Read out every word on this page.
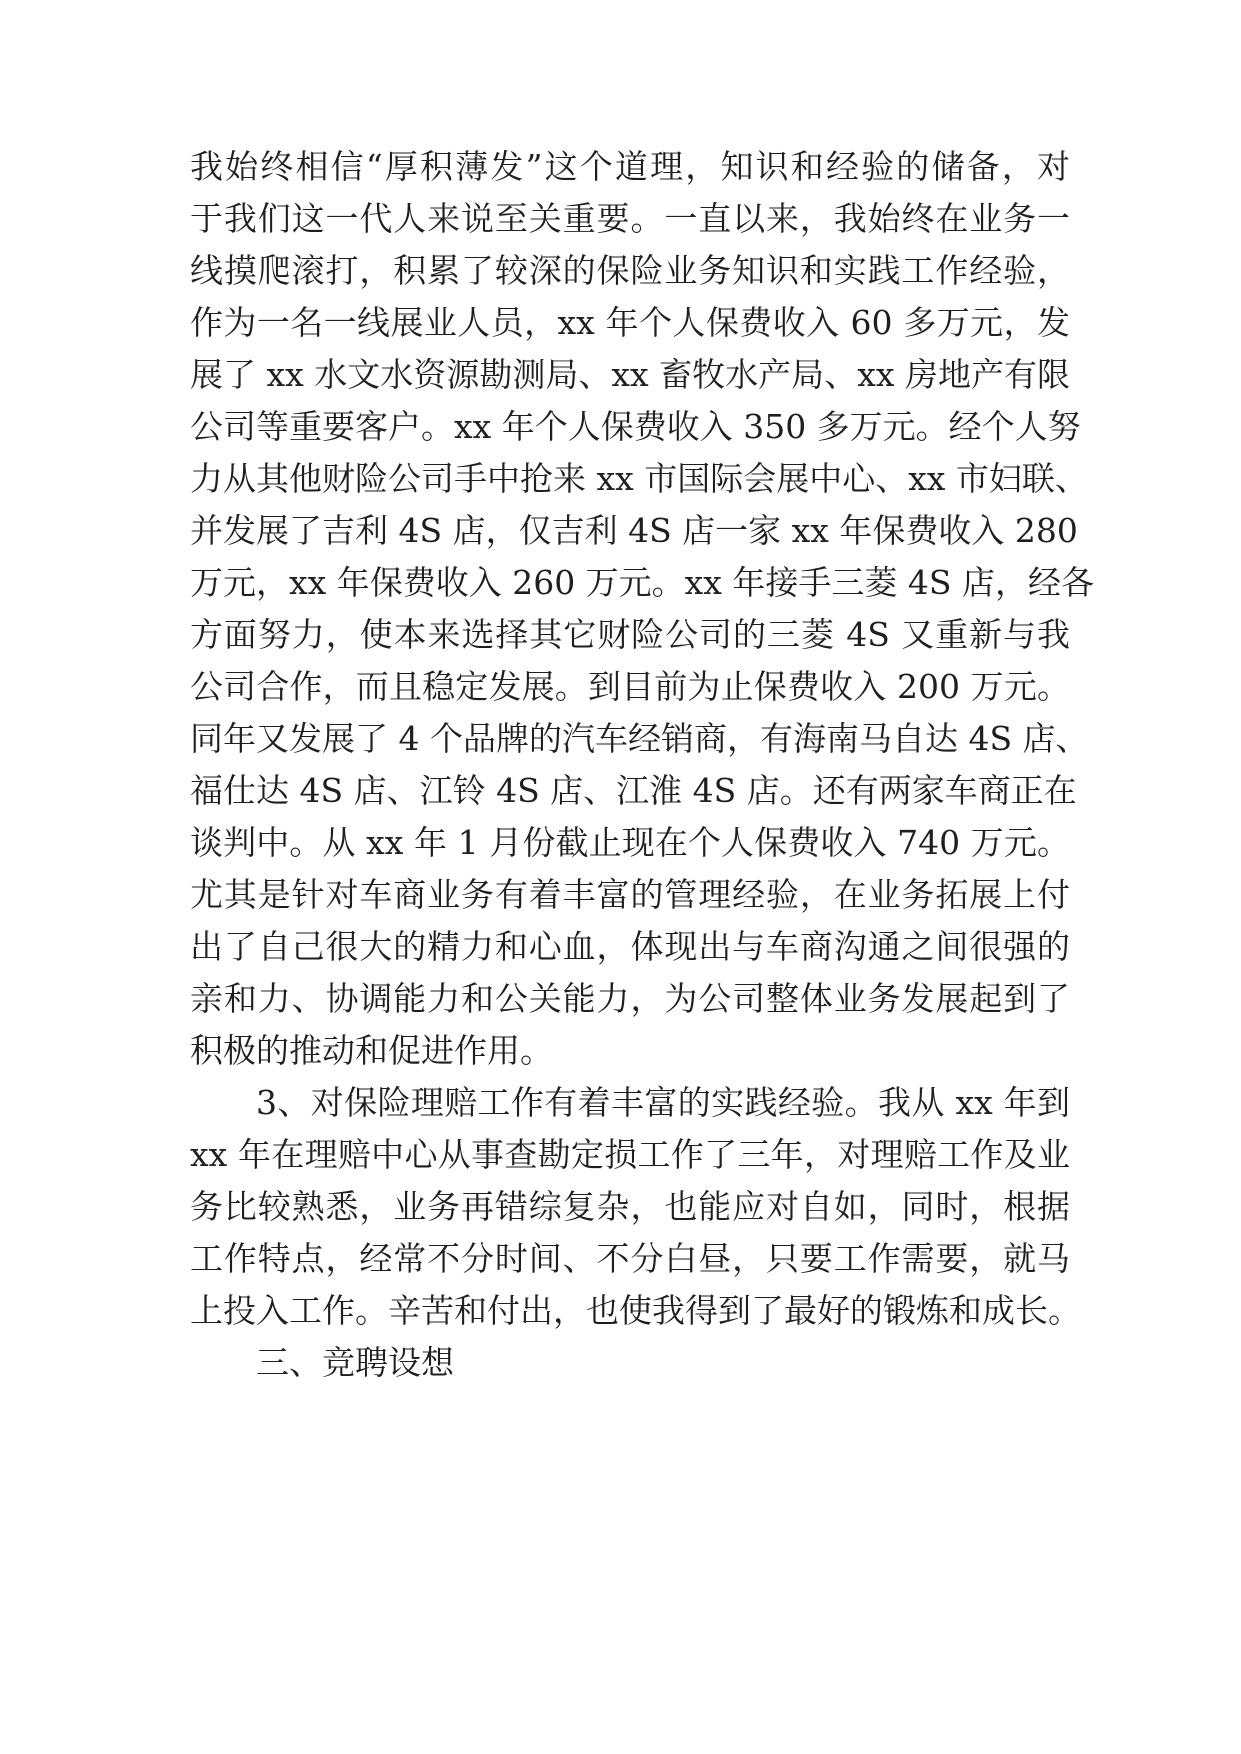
我始终相信“厚积薄发”这个道理，知识和经验的储备，对
于我们这一代人来说至关重要。一直以来，我始终在业务一
线摸爬滚打，积累了较深的保险业务知识和实践工作经验，
作为一名一线展业人员，xx 年个人保费收入 60 多万元，发
展了 xx 水文水资源勘测局、xx 畜牧水产局、xx 房地产有限
公司等重要客户。xx 年个人保费收入 350 多万元。经个人努
力从其他财险公司手中抢来 xx 市国际会展中心、xx 市妇联、
并发展了吉利 4S 店，仅吉利 4S 店一家 xx 年保费收入 280
万元，xx 年保费收入 260 万元。xx 年接手三菱 4S 店，经各
方面努力，使本来选择其它财险公司的三菱 4S 又重新与我
公司合作，而且稳定发展。到目前为止保费收入 200 万元。
同年又发展了 4 个品牌的汽车经销商，有海南马自达 4S 店、
福仕达 4S 店、江铃 4S 店、江淮 4S 店。还有两家车商正在
谈判中。从 xx 年 1 月份截止现在个人保费收入 740 万元。
尤其是针对车商业务有着丰富的管理经验，在业务拓展上付
出了自己很大的精力和心血，体现出与车商沟通之间很强的
亲和力、协调能力和公关能力，为公司整体业务发展起到了
积极的推动和促进作用。
3、对保险理赔工作有着丰富的实践经验。我从 xx 年到
xx 年在理赔中心从事查勘定损工作了三年，对理赔工作及业
务比较熟悉，业务再错综复杂，也能应对自如，同时，根据
工作特点，经常不分时间、不分白昼，只要工作需要，就马
上投入工作。辛苦和付出，也使我得到了最好的锻炼和成长。
三、竞聘设想
